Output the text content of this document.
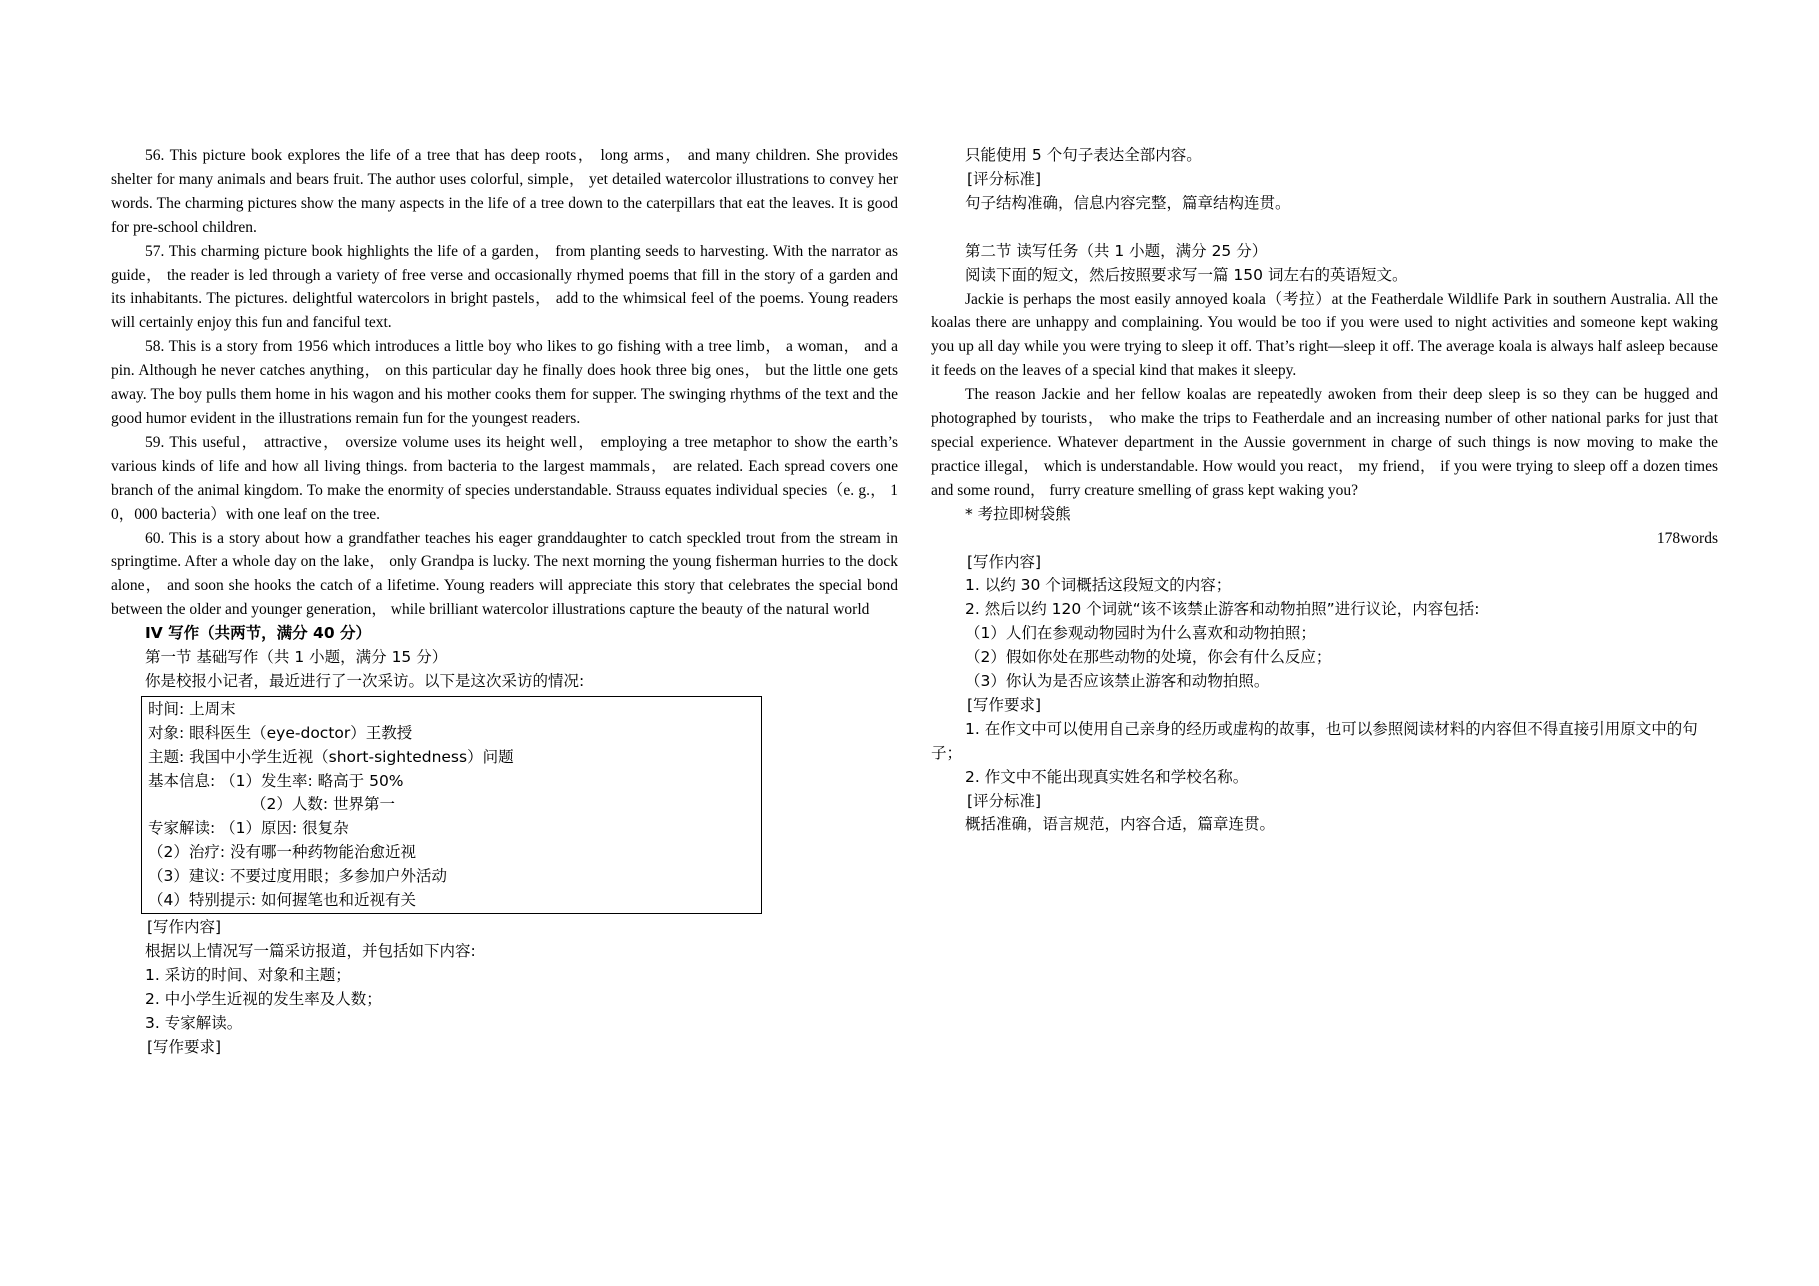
56. This picture book explores the life of a tree that has deep roots， long arms， and many children. She provides shelter for many animals and bears fruit. The author uses colorful, simple， yet detailed watercolor illustrations to convey her words. The charming pictures show the many aspects in the life of a tree down to the caterpillars that eat the leaves. It is good for pre-school children.

57. This charming picture book highlights the life of a garden， from planting seeds to harvesting. With the narrator as guide， the reader is led through a variety of free verse and occasionally rhymed poems that fill in the story of a garden and its inhabitants. The pictures. delightful watercolors in bright pastels， add to the whimsical feel of the poems. Young readers will certainly enjoy this fun and fanciful text.

58. This is a story from 1956 which introduces a little boy who likes to go fishing with a tree limb， a woman， and a pin. Although he never catches anything， on this particular day he finally does hook three big ones， but the little one gets away. The boy pulls them home in his wagon and his mother cooks them for supper. The swinging rhythms of the text and the good humor evident in the illustrations remain fun for the youngest readers.

59. This useful， attractive， oversize volume uses its height well， employing a tree metaphor to show the earth’s various kinds of life and how all living things. from bacteria to the largest mammals， are related. Each spread covers one branch of the animal kingdom. To make the enormity of species understandable. Strauss equates individual species（e. g.， 1 0，000 bacteria）with one leaf on the tree.

60. This is a story about how a grandfather teaches his eager granddaughter to catch speckled trout from the stream in springtime. After a whole day on the lake， only Grandpa is lucky. The next morning the young fisherman hurries to the dock alone， and soon she hooks the catch of a lifetime. Young readers will appreciate this story that celebrates the special bond between the older and younger generation， while brilliant watercolor illustrations capture the beauty of the natural world

IV 写作（共两节，满分 40 分）

第一节 基础写作（共 1 小题，满分 15 分）

你是校报小记者，最近进行了一次采访。以下是这次采访的情况:

时间: 上周末

对象: 眼科医生（eye-doctor）王教授

主题: 我国中小学生近视（short-sightedness）问题

基本信息: （1）发生率: 略高于 50%

（2）人数: 世界第一

专家解读: （1）原因: 很复杂

（2）治疗: 没有哪一种药物能治愈近视

（3）建议: 不要过度用眼；多参加户外活动

（4）特别提示: 如何握笔也和近视有关

[写作内容]

根据以上情况写一篇采访报道，并包括如下内容:

1. 采访的时间、对象和主题；

2. 中小学生近视的发生率及人数；

3. 专家解读。

[写作要求]

只能使用 5 个句子表达全部内容。

[评分标准]

句子结构准确，信息内容完整，篇章结构连贯。

第二节 读写任务（共 1 小题，满分 25 分）

阅读下面的短文，然后按照要求写一篇 150 词左右的英语短文。

Jackie is perhaps the most easily annoyed koala（考拉）at the Featherdale Wildlife Park in southern Australia. All the koalas there are unhappy and complaining. You would be too if you were used to night activities and someone kept waking you up all day while you were trying to sleep it off. That’s right—sleep it off. The average koala is always half asleep because it feeds on the leaves of a special kind that makes it sleepy.

The reason Jackie and her fellow koalas are repeatedly awoken from their deep sleep is so they can be hugged and photographed by tourists， who make the trips to Featherdale and an increasing number of other national parks for just that special experience. Whatever department in the Aussie government in charge of such things is now moving to make the practice illegal， which is understandable. How would you react， my friend， if you were trying to sleep off a dozen times and some round， furry creature smelling of grass kept waking you?

* 考拉即树袋熊

178words

[写作内容]

1. 以约 30 个词概括这段短文的内容；

2. 然后以约 120 个词就“该不该禁止游客和动物拍照”进行议论，内容包括:

（1）人们在参观动物园时为什么喜欢和动物拍照；

（2）假如你处在那些动物的处境，你会有什么反应；

（3）你认为是否应该禁止游客和动物拍照。

[写作要求]

1. 在作文中可以使用自己亲身的经历或虚构的故事，也可以参照阅读材料的内容但不得直接引用原文中的句子；

2. 作文中不能出现真实姓名和学校名称。

[评分标准]

概括准确，语言规范，内容合适，篇章连贯。
